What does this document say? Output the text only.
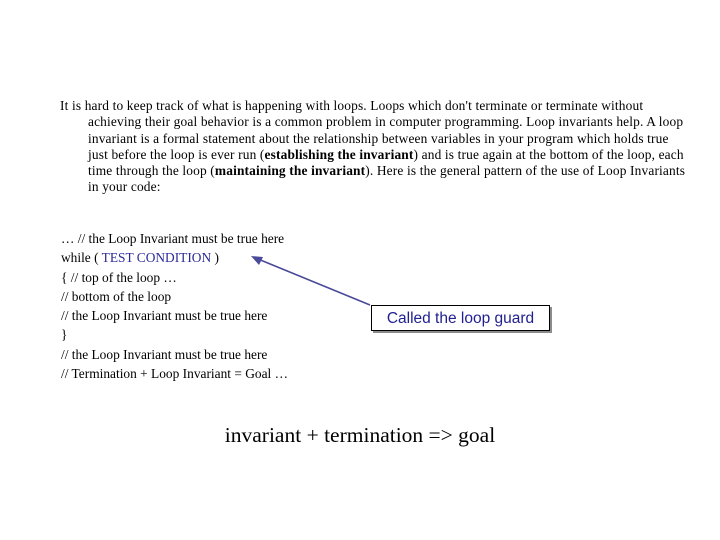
It is hard to keep track of what is happening with loops. Loops which don't terminate or terminate without achieving their goal behavior is a common problem in computer programming. Loop invariants help. A loop invariant is a formal statement about the relationship between variables in your program which holds true just before the loop is ever run (establishing the invariant) and is true again at the bottom of the loop, each time through the loop (maintaining the invariant). Here is the general pattern of the use of Loop Invariants in your code:

… // the Loop Invariant must be true here
while ( TEST CONDITION )
{ // top of the loop …
// bottom of the loop
// the Loop Invariant must be true here
}
// the Loop Invariant must be true here
// Termination + Loop Invariant = Goal …
Called the loop guard

invariant + termination => goal
